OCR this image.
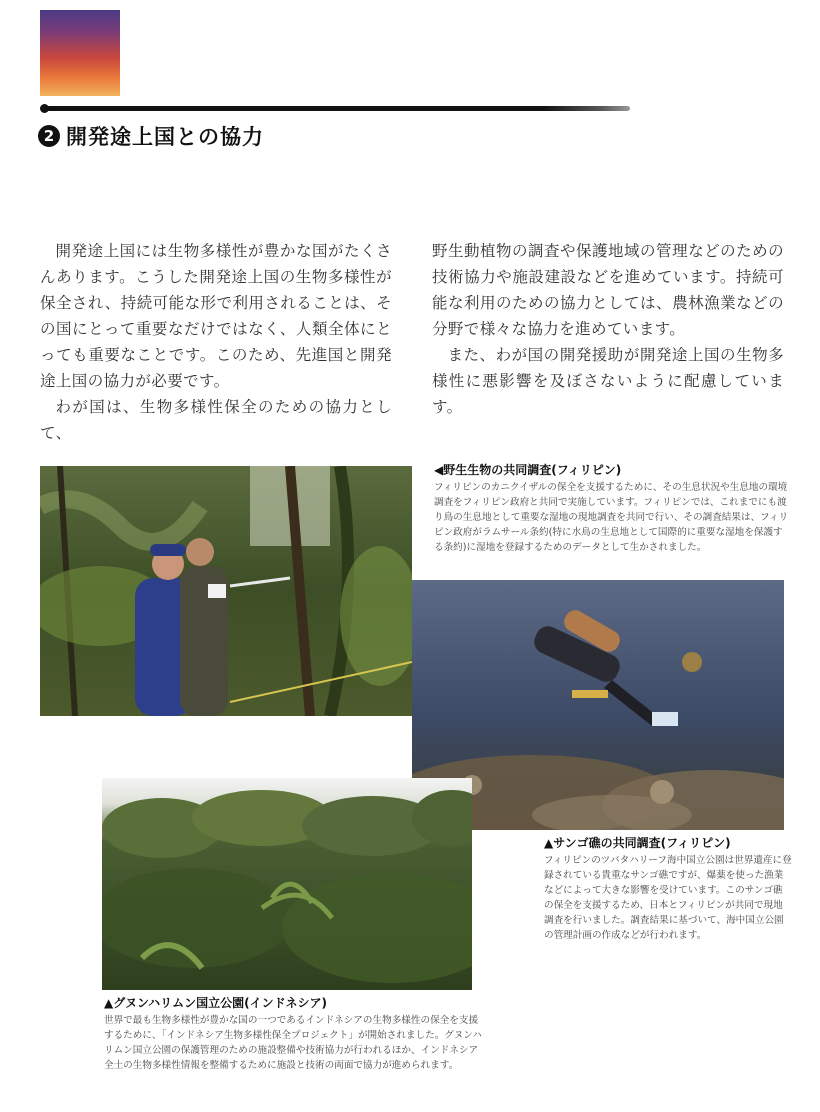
2 開発途上国との協力

開発途上国には生物多様性が豊かな国がたくさんあります。こうした開発途上国の生物多様性が保全され、持続可能な形で利用されることは、その国にとって重要なだけではなく、人類全体にとっても重要なことです。このため、先進国と開発途上国の協力が必要です。

わが国は、生物多様性保全のための協力として、

野生動植物の調査や保護地域の管理などのための技術協力や施設建設などを進めています。持続可能な利用のための協力としては、農林漁業などの分野で様々な協力を進めています。

また、わが国の開発援助が開発途上国の生物多様性に悪影響を及ぼさないように配慮しています。

◀野生生物の共同調査(フィリピン)
フィリピンのカニクイザルの保全を支援するために、その生息状況や生息地の環境調査をフィリピン政府と共同で実施しています。フィリピンでは、これまでにも渡り鳥の生息地として重要な湿地の現地調査を共同で行い、その調査結果は、フィリピン政府がラムサール条約(特に水鳥の生息地として国際的に重要な湿地を保護する条約)に湿地を登録するためのデータとして生かされました。
▲サンゴ礁の共同調査(フィリピン)
フィリピンのツバタハリーフ海中国立公園は世界遺産に登録されている貴重なサンゴ礁ですが、爆薬を使った漁業などによって大きな影響を受けています。このサンゴ礁の保全を支援するため、日本とフィリピンが共同で現地調査を行いました。調査結果に基づいて、海中国立公園の管理計画の作成などが行われます。
▲グヌンハリムン国立公園(インドネシア)
世界で最も生物多様性が豊かな国の一つであるインドネシアの生物多様性の保全を支援するために、「インドネシア生物多様性保全プロジェクト」が開始されました。グヌンハリムン国立公園の保護管理のための施設整備や技術協力が行われるほか、インドネシア全土の生物多様性情報を整備するために施設と技術の両面で協力が進められます。
